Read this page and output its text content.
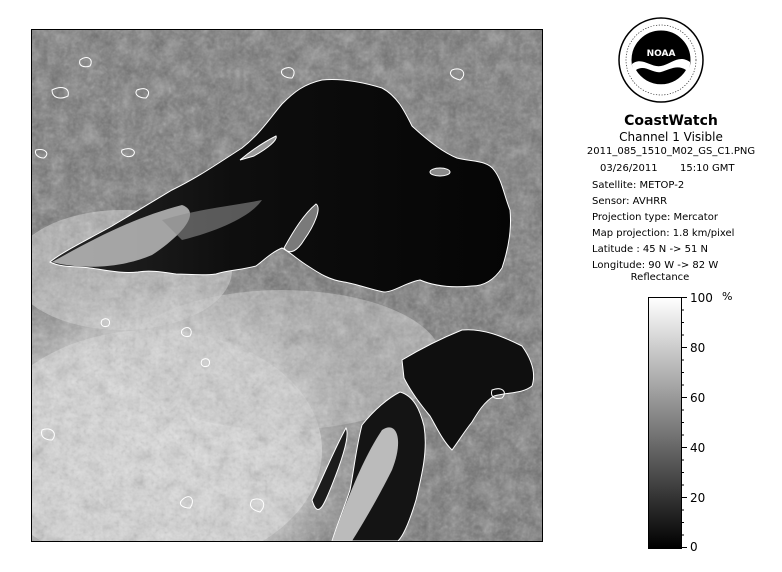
NOAA
CoastWatch
Channel 1 Visible
2011_085_1510_M02_GS_C1.PNG
03/26/2011 15:10 GMT
Satellite: METOP-2
Sensor: AVHRR
Projection type: Mercator
Map projection: 1.8 km/pixel
Latitude : 45 N -> 51 N
Longitude: 90 W -> 82 W
Reflectance
%
100
80
60
40
20
0
